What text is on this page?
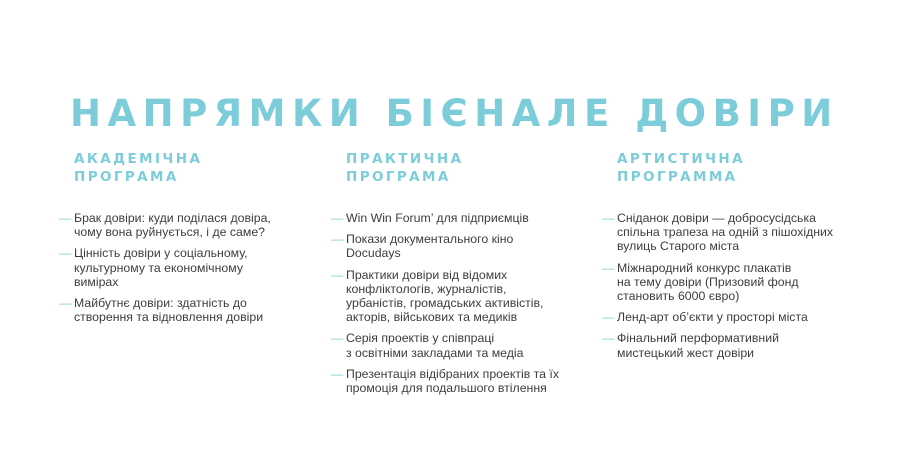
НАПРЯМКИ БІЄНАЛЕ ДОВІРИ
АКАДЕМІЧНА
ПРОГРАМА
— Брак довіри: куди поділася довіра,
чому вона руйнується, і де саме?
— Цінність довіри у соціальному,
культурному та економічному
вимірах
— Майбутнє довіри: здатність до
створення та відновлення довіри
ПРАКТИЧНА
ПРОГРАМА
— Win Win Forum’ для підприємців
— Покази документального кіно
Docudays
— Практики довіри від відомих
конфліктологів, журналістів,
урбаністів, громадських активістів,
акторів, військових та медиків
— Серія проектів у співпраці
з освітніми закладами та медіа
— Презентація відібраних проектів та їх
промоція для подальшого втілення
АРТИСТИЧНА
ПРОГРАММА
— Сніданок довіри — добросусідська
спільна трапеза на одній з пішохідних
вулиць Старого міста
— Міжнародний конкурс плакатів
на тему довіри (Призовий фонд
становить 6000 євро)
— Ленд-арт об’єкти у просторі міста
— Фінальний перформативний
мистецький жест довіри
